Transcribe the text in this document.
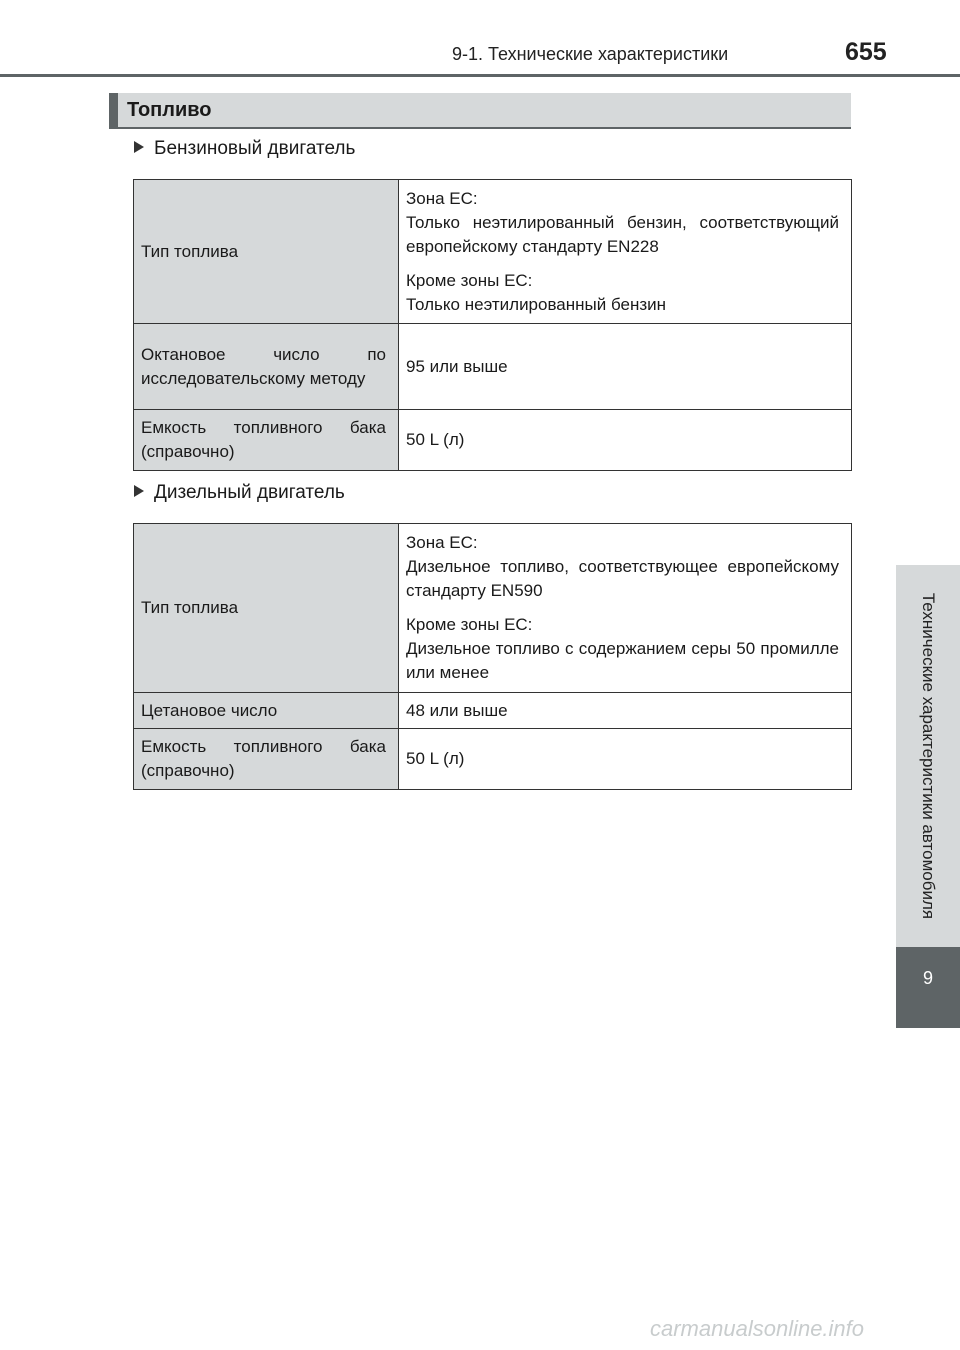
9-1. Технические характеристики	655
Топливо
Бензиновый двигатель
Тип топлива	Зона ЕС:
Только неэтилированный бензин, соответствующий европейскому стандарту EN228

Кроме зоны ЕС:
Только неэтилированный бензин

Октановое число по исследовательскому методу	95 или выше
Емкость топливного бака (справочно)	50 L (л)
Дизельный двигатель
Тип топлива	Зона ЕС:
Дизельное топливо, соответствующее европейскому стандарту EN590

Кроме зоны ЕС:
Дизельное топливо с содержанием серы 50 промилле или менее

Цетановое число	48 или выше
Емкость топливного бака (справочно)	50 L (л)	Технические характеристики автомобиля
9
carmanualsonline.info
